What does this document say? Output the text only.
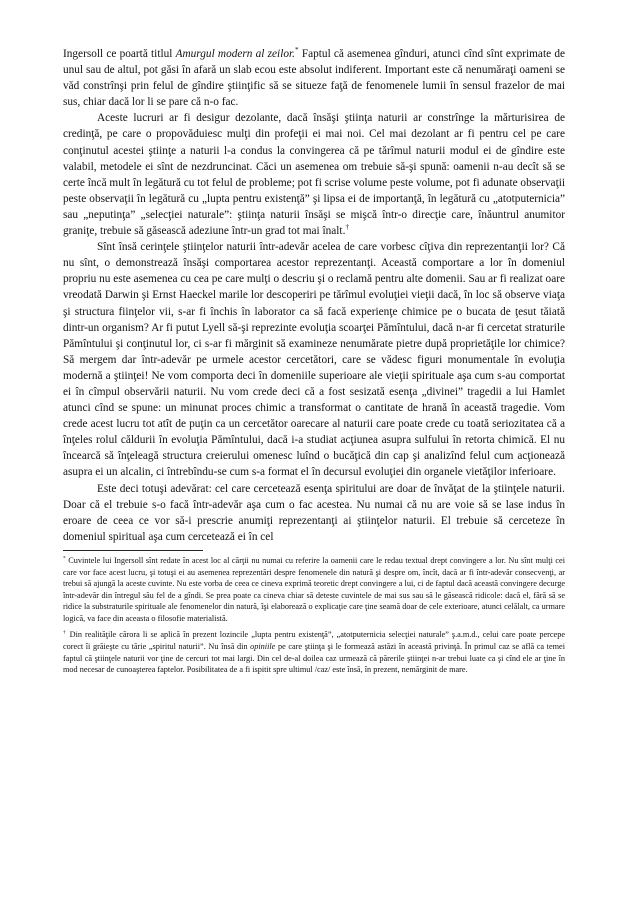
Ingersoll ce poartă titlul Amurgul modern al zeilor.* Faptul că asemenea gînduri, atunci cînd sînt exprimate de unul sau de altul, pot găsi în afară un slab ecou este absolut indiferent. Important este că nenumăraţi oameni se văd constrînşi prin felul de gîndire ştiinţific să se situeze faţă de fenomenele lumii în sensul frazelor de mai sus, chiar dacă lor li se pare că n-o fac.

Aceste lucruri ar fi desigur dezolante, dacă însăşi ştiinţa naturii ar constrînge la mărturisirea de credinţă, pe care o propovăduiesc mulţi din profeţii ei mai noi. Cel mai dezolant ar fi pentru cel pe care conţinutul acestei ştiinţe a naturii l-a condus la convingerea că pe tărîmul naturii modul ei de gîndire este valabil, metodele ei sînt de nezdruncinat. Căci un asemenea om trebuie să-şi spună: oamenii n-au decît să se certe încă mult în legătură cu tot felul de probleme; pot fi scrise volume peste volume, pot fi adunate observaţii peste observaţii în legătură cu „lupta pentru existenţă” şi lipsa ei de importanţă, în legătură cu „atotputernicia” sau „neputinţa” „selecţiei naturale”: ştiinţa naturii însăşi se mişcă într-o direcţie care, înăuntrul anumitor graniţe, trebuie să găsească adeziune într-un grad tot mai înalt.†

Sînt însă cerinţele ştiinţelor naturii într-adevăr acelea de care vorbesc cîţiva din reprezentanţii lor? Că nu sînt, o demonstrează însăşi comportarea acestor reprezentanţi. Această comportare a lor în domeniul propriu nu este asemenea cu cea pe care mulţi o descriu şi o reclamă pentru alte domenii. Sau ar fi realizat oare vreodată Darwin şi Ernst Haeckel marile lor descoperiri pe tărîmul evoluţiei vieţii dacă, în loc să observe viaţa şi structura fiinţelor vii, s-ar fi închis în laborator ca să facă experienţe chimice pe o bucata de ţesut tăiată dintr-un organism? Ar fi putut Lyell să-şi reprezinte evoluţia scoarţei Pămîntului, dacă n-ar fi cercetat straturile Pămîntului şi conţinutul lor, ci s-ar fi mărginit să examineze nenumărate pietre după proprietăţile lor chimice? Să mergem dar într-adevăr pe urmele acestor cercetători, care se vădesc figuri monumentale în evoluţia modernă a ştiinţei! Ne vom comporta deci în domeniile superioare ale vieţii spirituale aşa cum s-au comportat ei în cîmpul observării naturii. Nu vom crede deci că a fost sesizată esenţa „divinei” tragedii a lui Hamlet atunci cînd se spune: un minunat proces chimic a transformat o cantitate de hrană în această tragedie. Vom crede acest lucru tot atît de puţin ca un cercetător oarecare al naturii care poate crede cu toată seriozitatea că a înţeles rolul căldurii în evoluţia Pămîntului, dacă i-a studiat acţiunea asupra sulfului în retorta chimică. El nu încearcă să înţeleagă structura creierului omenesc luînd o bucăţică din cap şi analizînd felul cum acţionează asupra ei un alcalin, ci întrebîndu-se cum s-a format el în decursul evoluţiei din organele vietăţilor inferioare.

Este deci totuşi adevărat: cel care cercetează esenţa spiritului are doar de învăţat de la ştiinţele naturii. Doar că el trebuie s-o facă într-adevăr aşa cum o fac acestea. Nu numai că nu are voie să se lase indus în eroare de ceea ce vor să-i prescrie anumiţi reprezentanţi ai ştiinţelor naturii. El trebuie să cerceteze în domeniul spiritual aşa cum cercetează ei în cel

* Cuvintele lui Ingersoll sînt redate în acest loc al cărţii nu numai cu referire la oamenii care le redau textual drept convingere a lor. Nu sînt mulţi cei care vor face acest lucru, şi totuşi ei au asemenea reprezentări despre fenomenele din natură şi despre om, încît, dacă ar fi într-adevăr consecvenţi, ar trebui să ajungă la aceste cuvinte. Nu este vorba de ceea ce cineva exprimă teoretic drept convingere a lui, ci de faptul dacă această convingere decurge într-adevăr din întregul său fel de a gîndi. Se prea poate ca cineva chiar să deteste cuvintele de mai sus sau să le găsească ridicole: dacă el, fără să se ridice la substraturile spirituale ale fenomenelor din natură, îşi elaborează o explicaţie care ţine seamă doar de cele exterioare, atunci celălalt, ca urmare logică, va face din aceasta o filosofie materialistă.

† Din realităţile cărora li se aplică în prezent lozincile „lupta pentru existenţă”, „atotputernicia selecţiei naturale” ş.a.m.d., celui care poate percepe corect îi grăieşte cu tărie „spiritul naturii”. Nu însă din opiniile pe care ştiinţa şi le formează astăzi în această privinţă. În primul caz se află ca temei faptul că ştiinţele naturii vor ţine de cercuri tot mai largi. Din cel de-al doilea caz urmează că părerile ştiinţei n-ar trebui luate ca şi cînd ele ar ţine în mod necesar de cunoaşterea faptelor. Posibilitatea de a fi ispitit spre ultimul /caz/ este însă, în prezent, nemărginit de mare.
